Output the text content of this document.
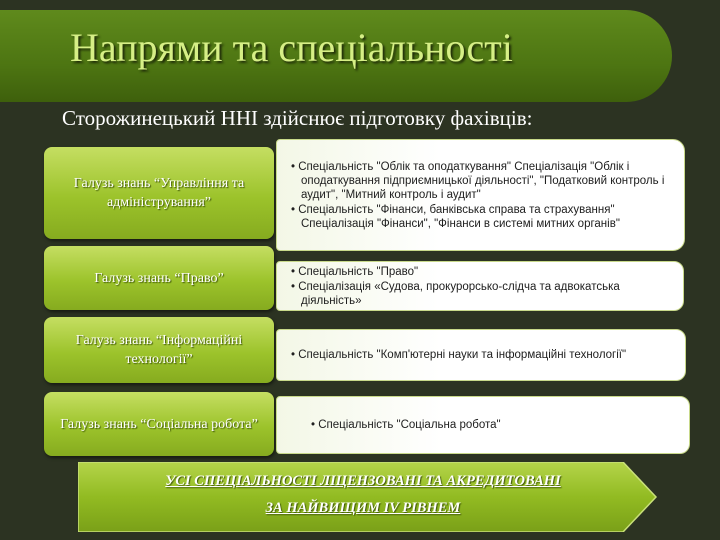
Напрями та спеціальності
Сторожинецький ННІ здійснює підготовку фахівців:
Галузь знань “Управління та адміністрування”
• Спеціальність "Облік та оподаткування" Спеціалізація "Облік і оподаткування підприємницької діяльності", "Податковий контроль і аудит", "Митний контроль і аудит"
• Спеціальність "Фінанси, банківська справа та страхування" Спеціалізація "Фінанси", "Фінанси в системі митних органів"
Галузь знань “Право”	• Спеціальність "Право"
• Спеціалізація «Судова, прокурорсько-слідча та адвокатська діяльність»
Галузь знань “Інформаційні технології”	• Спеціальність "Комп'ютерні науки та інформаційні технології"
Галузь знань “Соціальна робота”	• Спеціальність "Соціальна робота"
УСІ СПЕЦІАЛЬНОСТІ ЛІЦЕНЗОВАНІ ТА АКРЕДИТОВАНІ
ЗА НАЙВИЩИМ ІV РІВНЕМ
